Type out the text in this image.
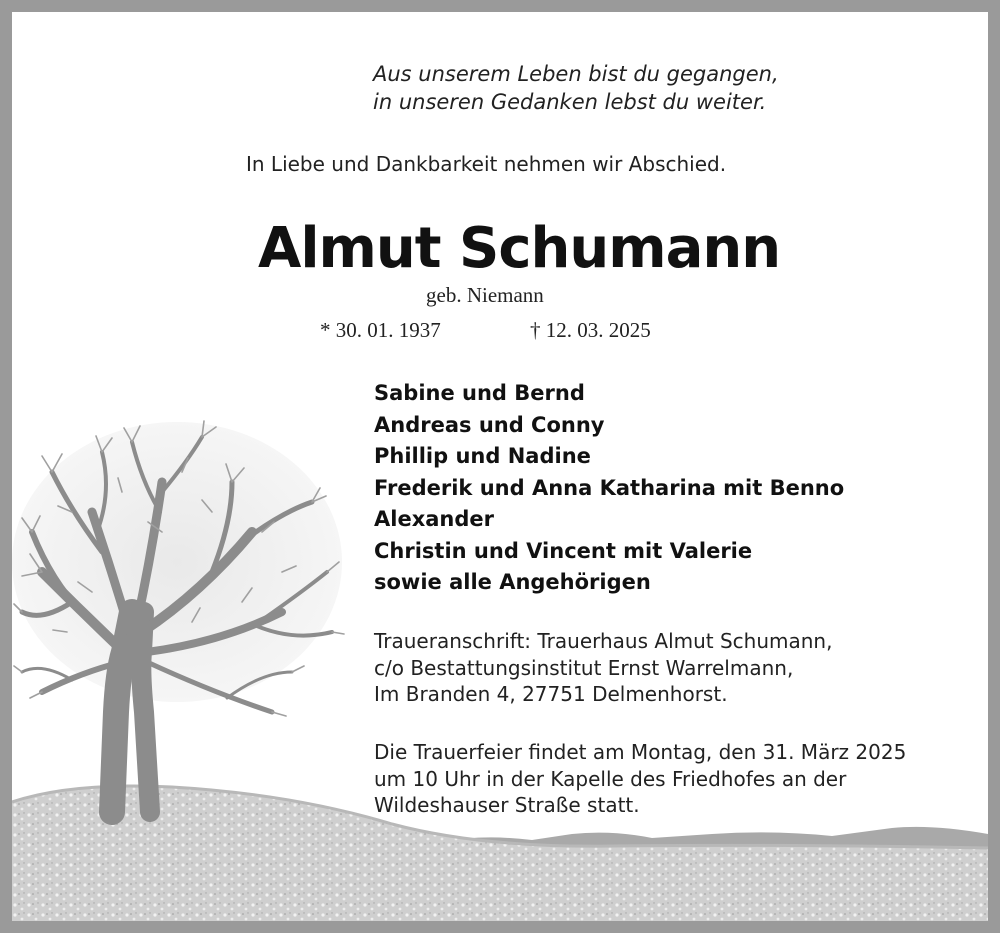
Aus unserem Leben bist du gegangen,
in unseren Gedanken lebst du weiter.
In Liebe und Dankbarkeit nehmen wir Abschied.
Almut Schumann
geb. Niemann
* 30. 01. 1937	† 12. 03. 2025
Sabine und Bernd
Andreas und Conny
Phillip und Nadine
Frederik und Anna Katharina mit Benno
Alexander
Christin und Vincent mit Valerie
sowie alle Angehörigen
Traueranschrift: Trauerhaus Almut Schumann,
c/o Bestattungsinstitut Ernst Warrelmann,
Im Branden 4, 27751 Delmenhorst.
Die Trauerfeier findet am Montag, den 31. März 2025
um 10 Uhr in der Kapelle des Friedhofes an der
Wildeshauser Straße statt.
